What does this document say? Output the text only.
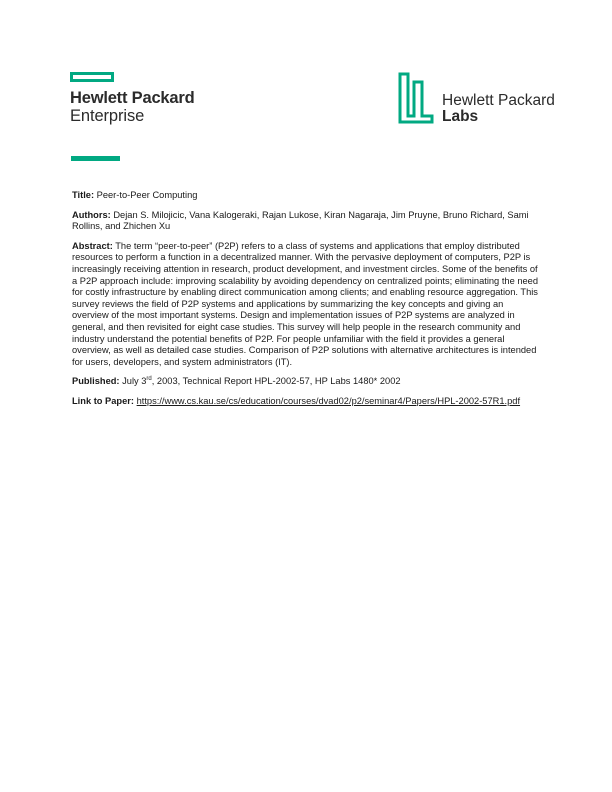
Hewlett Packard
Enterprise
Hewlett Packard
Labs

Title: Peer-to-Peer Computing

Authors: Dejan S. Milojicic, Vana Kalogeraki, Rajan Lukose, Kiran Nagaraja, Jim Pruyne, Bruno Richard, Sami Rollins, and Zhichen Xu

Abstract: The term “peer-to-peer” (P2P) refers to a class of systems and applications that employ distributed resources to perform a function in a decentralized manner. With the pervasive deployment of computers, P2P is increasingly receiving attention in research, product development, and investment circles. Some of the benefits of a P2P approach include: improving scalability by avoiding dependency on centralized points; eliminating the need for costly infrastructure by enabling direct communication among clients; and enabling resource aggregation. This survey reviews the field of P2P systems and applications by summarizing the key concepts and giving an overview of the most important systems. Design and implementation issues of P2P systems are analyzed in general, and then revisited for eight case studies. This survey will help people in the research community and industry understand the potential benefits of P2P. For people unfamiliar with the field it provides a general overview, as well as detailed case studies. Comparison of P2P solutions with alternative architectures is intended for users, developers, and system administrators (IT).

Published: July 3rd, 2003, Technical Report HPL-2002-57, HP Labs 1480* 2002

Link to Paper: https://www.cs.kau.se/cs/education/courses/dvad02/p2/seminar4/Papers/HPL-2002-57R1.pdf
